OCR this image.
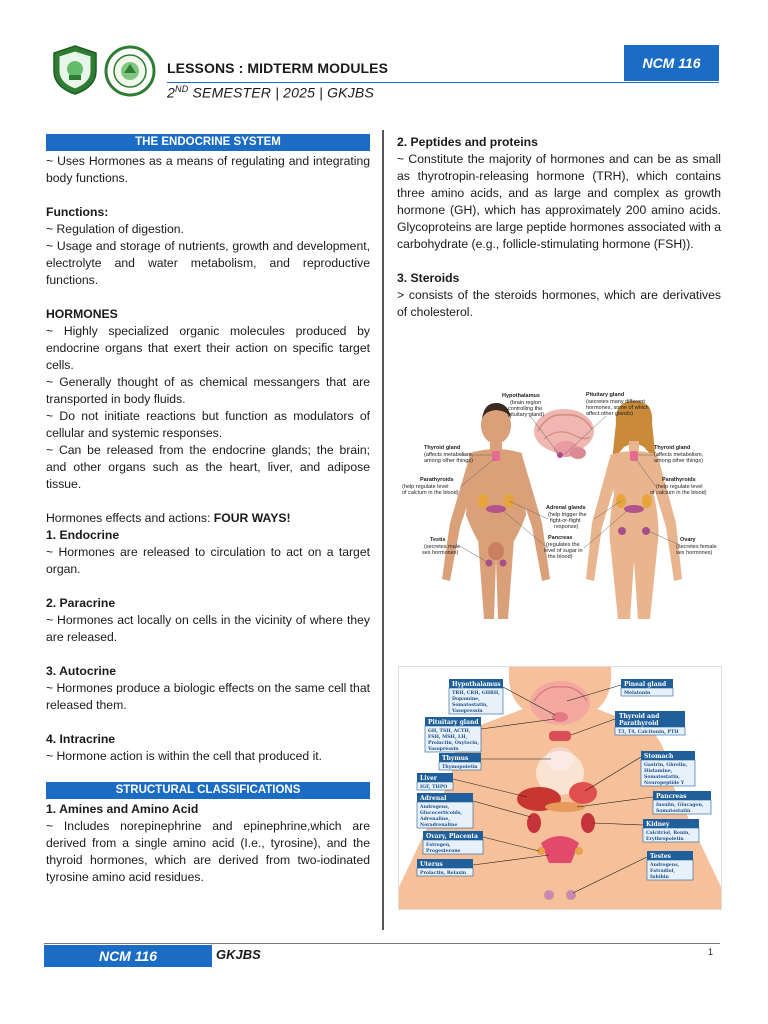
LESSONS : MIDTERM MODULES
2ND SEMESTER | 2025 | GKJBS
NCM 116
THE ENDOCRINE SYSTEM

~ Uses Hormones as a means of regulating and integrating body functions.

Functions:

~ Regulation of digestion.

~ Usage and storage of nutrients, growth and development, electrolyte and water metabolism, and reproductive functions.

HORMONES

~ Highly specialized organic molecules produced by endocrine organs that exert their action on specific target cells.

~ Generally thought of as chemical messangers that are transported in body fluids.

~ Do not initiate reactions but function as modulators of cellular and systemic responses.

~ Can be released from the endocrine glands; the brain; and other organs such as the heart, liver, and adipose tissue.

Hormones effects and actions: FOUR WAYS!

1. Endocrine

~ Hormones are released to circulation to act on a target organ.

2. Paracrine

~ Hormones act locally on cells in the vicinity of where they are released.

3. Autocrine

~ Hormones produce a biologic effects on the same cell that released them.

4. Intracrine

~ Hormone action is within the cell that produced it.

STRUCTURAL CLASSIFICATIONS

1. Amines and Amino Acid

~ Includes norepinephrine and epinephrine,which are derived from a single amino acid (I.e., tyrosine), and the thyroid hormones, which are derived from two-iodinated tyrosine amino acid residues.

2. Peptides and proteins

~ Constitute the majority of hormones and can be as small as thyrotropin-releasing hormone (TRH), which contains three amino acids, and as large and complex as growth hormone (GH), which has approximately 200 amino acids. Glycoproteins are large peptide hormones associated with a carbohydrate (e.g., follicle-stimulating hormone (FSH)).

3. Steroids

> consists of the steroids hormones, which are derivatives of cholesterol.

Hypothalamus
(brain region
controlling the
pituitary gland)
Pituitary gland
(secretes many different
hormones, some of which
affect other glands)
Thyroid gland
(affects metabolism,
among other things)
Thyroid gland
(affects metabolism,
among other things)
Parathyroids
(help regulate level
of calcium in the blood)
Parathyroids
(help regulate level
of calcium in the blood)
Adrenal glands
(help trigger the
fight-or-flight
response)
Pancreas
(regulates the
level of sugar in
the blood)
Testis
(secretes male
sex hormones)
Ovary
(secretes female
sex hormones)
Hypothalamus
TRH, CRH, GHRH,
Dopamine,
Somatostatin,
Vasopressin
Pineal gland
Melatonin
Pituitary gland
GH, TSH, ACTH,
FSH, MSH, LH,
Prolactin, Oxytocin,
Vasopressin
Thyroid and
Parathyroid
T3, T4, Calcitonin, PTH
Thymus
Thymopoietin
Stomach
Gastrin, Ghrelin,
Histamine,
Somatostatin,
Neuropeptide Y
Liver
IGF, THPO
Pancreas
Insulin, Glucagon,
Somatostatin
Adrenal
Androgens,
Glucocorticoids,
Adrenaline,
Noradrenaline	Kidney
Calcitriol, Renin,
Erythropoietin
Ovary, Placenta
Estrogen,
Progesterone
Testes
Androgens,
Estradiol,
Inhibin
Uterus
Prolactin, Relaxin
NCM 116	GKJBS	1
